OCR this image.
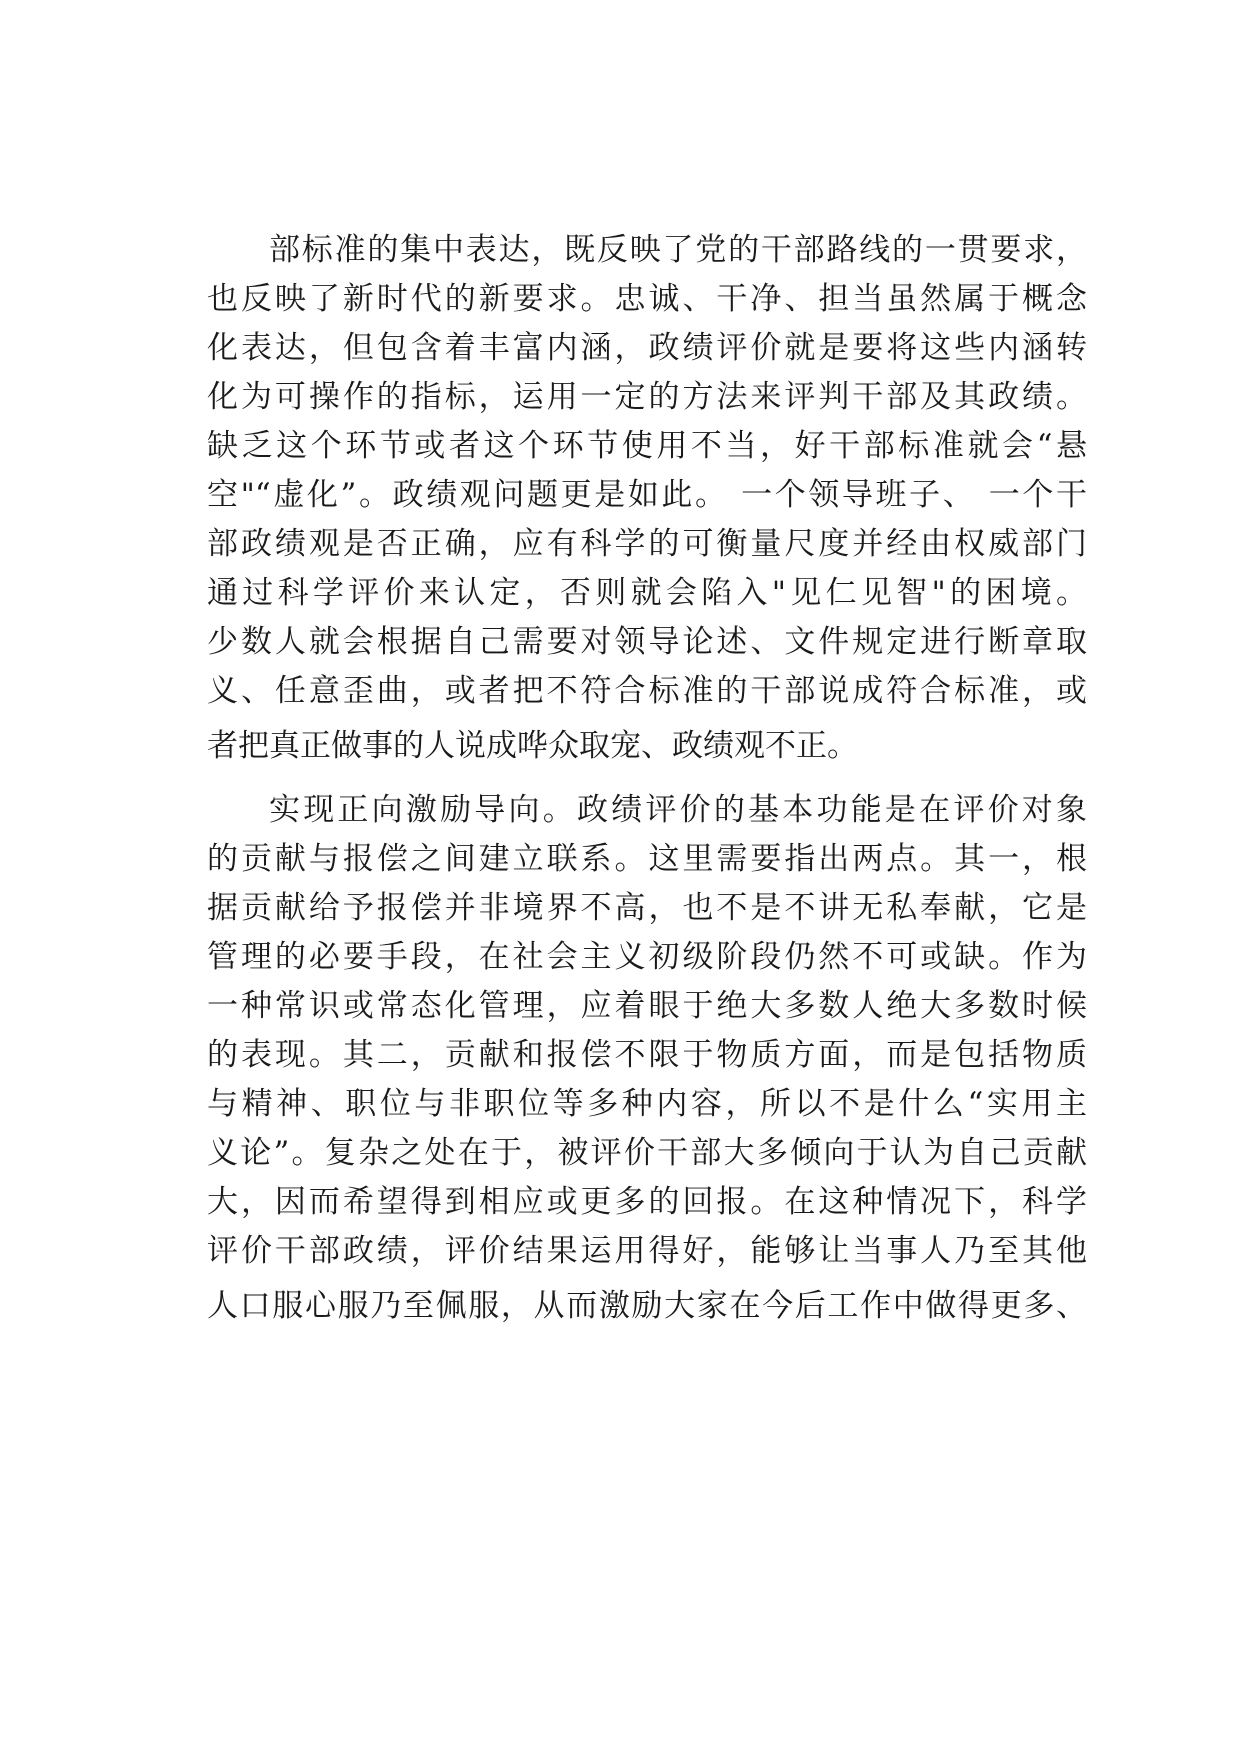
部标准的集中表达，既反映了党的干部路线的一贯要求，
也反映了新时代的新要求。忠诚、干净、担当虽然属于概念
化表达，但包含着丰富内涵，政绩评价就是要将这些内涵转
化为可操作的指标，运用一定的方法来评判干部及其政绩。
缺乏这个环节或者这个环节使用不当，好干部标准就会“悬
空"“虚化”。政绩观问题更是如此。 一个领导班子、 一个干
部政绩观是否正确，应有科学的可衡量尺度并经由权威部门
通过科学评价来认定，否则就会陷入"见仁见智"的困境。
少数人就会根据自己需要对领导论述、文件规定进行断章取
义、任意歪曲，或者把不符合标准的干部说成符合标准，或
者把真正做事的人说成哗众取宠、政绩观不正。
实现正向激励导向。政绩评价的基本功能是在评价对象
的贡献与报偿之间建立联系。这里需要指出两点。其一，根
据贡献给予报偿并非境界不高，也不是不讲无私奉献，它是
管理的必要手段，在社会主义初级阶段仍然不可或缺。作为
一种常识或常态化管理，应着眼于绝大多数人绝大多数时候
的表现。其二，贡献和报偿不限于物质方面，而是包括物质
与精神、职位与非职位等多种内容，所以不是什么“实用主
义论”。复杂之处在于，被评价干部大多倾向于认为自己贡献
大，因而希望得到相应或更多的回报。在这种情况下，科学
评价干部政绩，评价结果运用得好，能够让当事人乃至其他
人口服心服乃至佩服，从而激励大家在今后工作中做得更多、
